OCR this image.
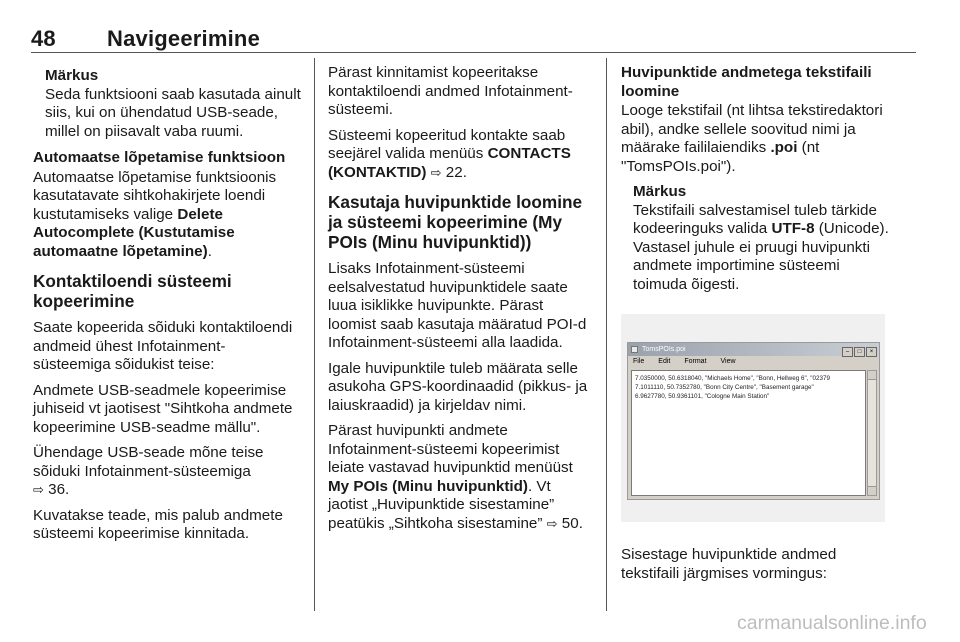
48 Navigeerimine
Märkus
Seda funktsiooni saab kasutada ainult siis, kui on ühendatud USB-seade, millel on piisavalt vaba ruumi.

Automaatse lõpetamise funktsioon

Automaatse lõpetamise funktsioonis kasutatavate sihtkohakirjete loendi kustutamiseks valige Delete Autocomplete (Kustutamise automaatne lõpetamine).

Kontaktiloendi süsteemi kopeerimine

Saate kopeerida sõiduki kontaktiloendi andmeid ühest Infotainment-süsteemiga sõidukist teise:

Andmete USB-seadmele kopeerimise juhiseid vt jaotisest "Sihtkoha andmete kopeerimine USB-seadme mällu".

Ühendage USB-seade mõne teise sõiduki Infotainment-süsteemiga
⇨ 36.

Kuvatakse teade, mis palub andmete süsteemi kopeerimise kinnitada.

Pärast kinnitamist kopeeritakse kontaktiloendi andmed Infotainment-süsteemi.

Süsteemi kopeeritud kontakte saab seejärel valida menüüs CONTACTS (KONTAKTID) ⇨ 22.

Kasutaja huvipunktide loomine ja süsteemi kopeerimine (My POIs (Minu huvipunktid))

Lisaks Infotainment-süsteemi eelsalvestatud huvipunktidele saate luua isiklikke huvipunkte. Pärast loomist saab kasutaja määratud POI-d Infotainment-süsteemi alla laadida.

Igale huvipunktile tuleb määrata selle asukoha GPS-koordinaadid (pikkus- ja laiuskraadid) ja kirjeldav nimi.

Pärast huvipunkti andmete Infotainment-süsteemi kopeerimist leiate vastavad huvipunktid menüüst My POIs (Minu huvipunktid). Vt jaotist „Huvipunktide sisestamine” peatükis „Sihtkoha sisestamine” ⇨ 50.

Huvipunktide andmetega tekstifaili loomine

Looge tekstifail (nt lihtsa tekstiredaktori abil), andke sellele soovitud nimi ja määrake faililaiendiks .poi (nt "TomsPOIs.poi").

Märkus
Tekstifaili salvestamisel tuleb tärkide kodeeringuks valida UTF-8 (Unicode). Vastasel juhule ei pruugi huvipunkti andmete importimine süsteemi toimuda õigesti.
TomsPOIs.poi	– □ ×
File Edit Format View
7.0350000, 50.6318040, "Michaels Home", "Bonn, Hellweg 6", "02379
7.1011110, 50.7352780, "Bonn City Centre", "Basement garage"
6.9627780, 50.9361101, "Cologne Main Station"

Sisestage huvipunktide andmed tekstifaili järgmises vormingus:

carmanualsonline.info
